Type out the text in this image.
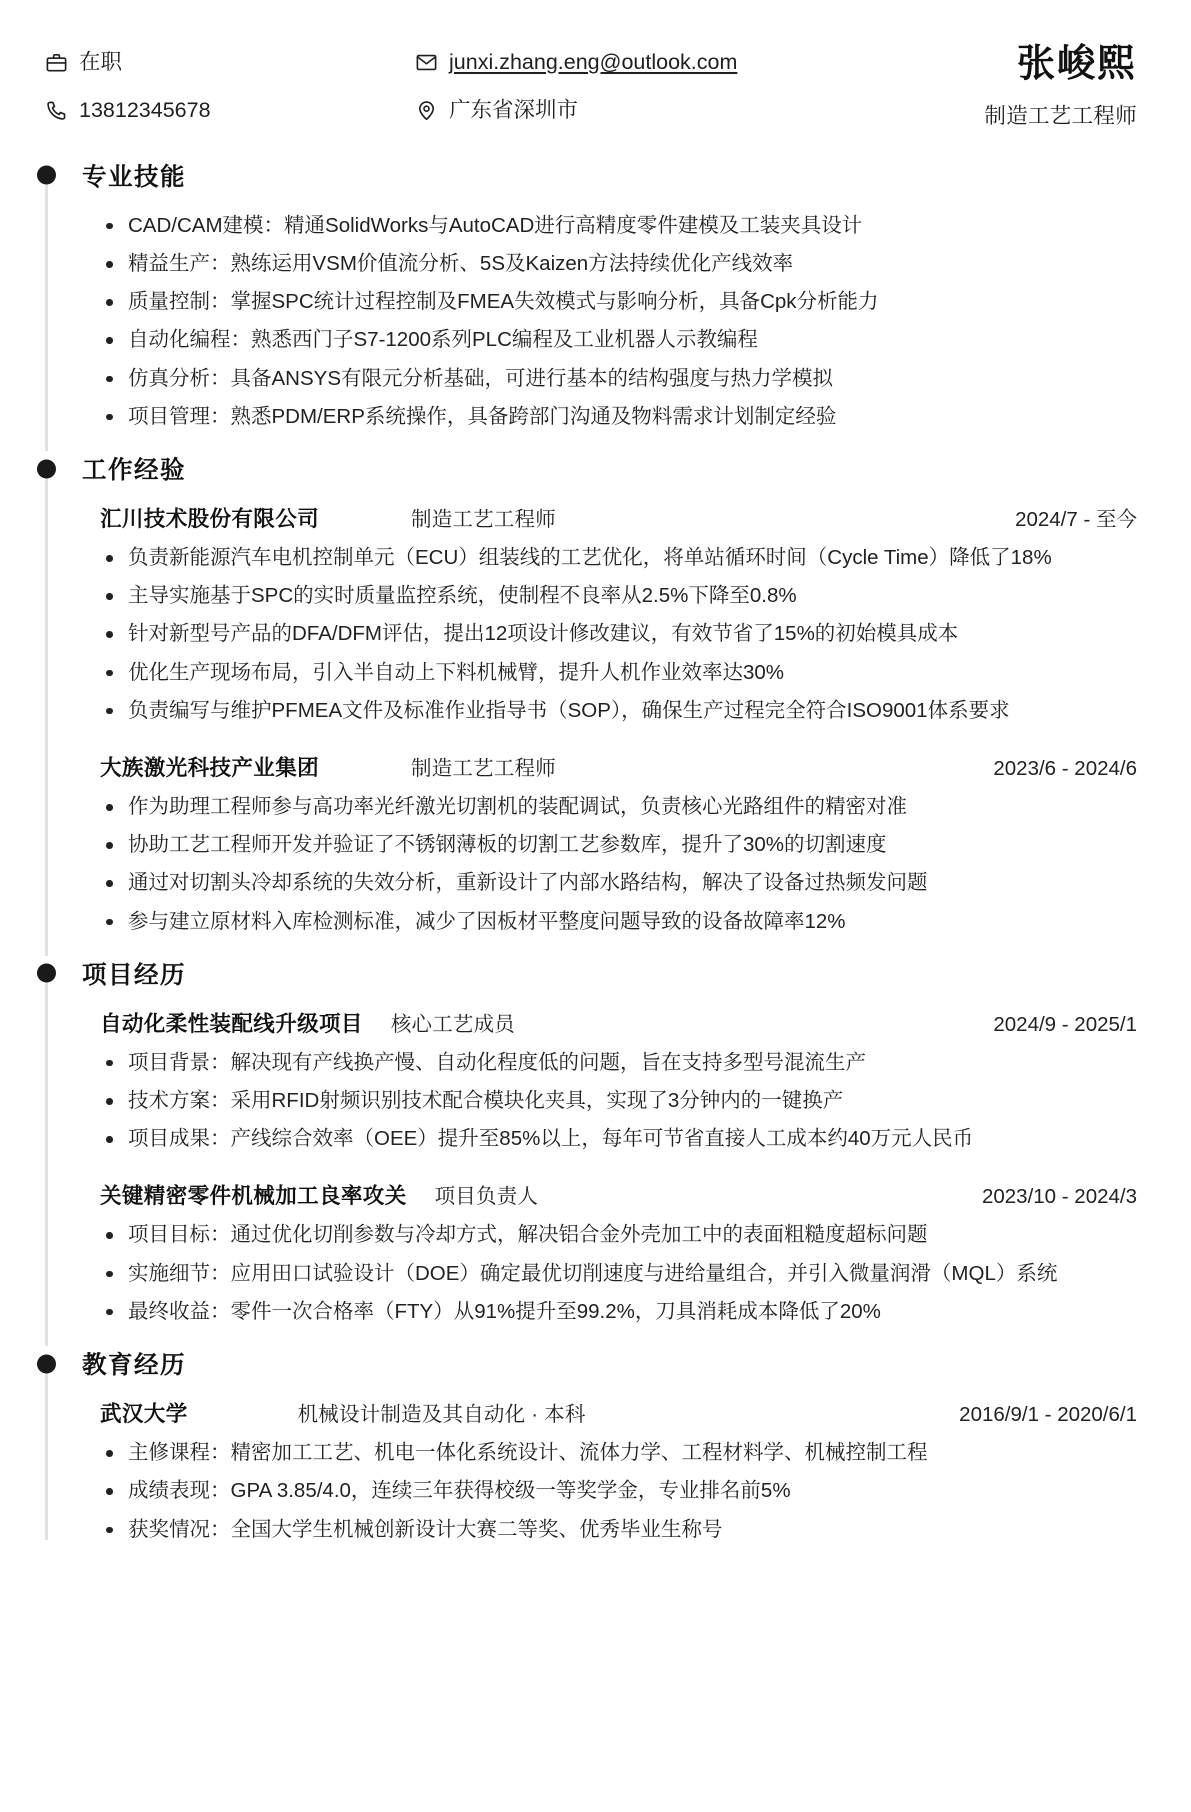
在职	junxi.zhang.eng@outlook.com
13812345678	广东省深圳市
张峻熙
制造工艺工程师
专业技能
CAD/CAM建模：精通SolidWorks与AutoCAD进行高精度零件建模及工装夹具设计
精益生产：熟练运用VSM价值流分析、5S及Kaizen方法持续优化产线效率
质量控制：掌握SPC统计过程控制及FMEA失效模式与影响分析，具备Cpk分析能力
自动化编程：熟悉西门子S7-1200系列PLC编程及工业机器人示教编程
仿真分析：具备ANSYS有限元分析基础，可进行基本的结构强度与热力学模拟
项目管理：熟悉PDM/ERP系统操作，具备跨部门沟通及物料需求计划制定经验
工作经验
汇川技术股份有限公司	制造工艺工程师	2024/7 - 至今
负责新能源汽车电机控制单元（ECU）组装线的工艺优化，将单站循环时间（Cycle Time）降低了18%
主导实施基于SPC的实时质量监控系统，使制程不良率从2.5%下降至0.8%
针对新型号产品的DFA/DFM评估，提出12项设计修改建议，有效节省了15%的初始模具成本
优化生产现场布局，引入半自动上下料机械臂，提升人机作业效率达30%
负责编写与维护PFMEA文件及标准作业指导书（SOP），确保生产过程完全符合ISO9001体系要求
大族激光科技产业集团	制造工艺工程师	2023/6 - 2024/6
作为助理工程师参与高功率光纤激光切割机的装配调试，负责核心光路组件的精密对准
协助工艺工程师开发并验证了不锈钢薄板的切割工艺参数库，提升了30%的切割速度
通过对切割头冷却系统的失效分析，重新设计了内部水路结构，解决了设备过热频发问题
参与建立原材料入库检测标准，减少了因板材平整度问题导致的设备故障率12%
项目经历
自动化柔性装配线升级项目 核心工艺成员	2024/9 - 2025/1
项目背景：解决现有产线换产慢、自动化程度低的问题，旨在支持多型号混流生产
技术方案：采用RFID射频识别技术配合模块化夹具，实现了3分钟内的一键换产
项目成果：产线综合效率（OEE）提升至85%以上，每年可节省直接人工成本约40万元人民币
关键精密零件机械加工良率攻关 项目负责人	2023/10 - 2024/3
项目目标：通过优化切削参数与冷却方式，解决铝合金外壳加工中的表面粗糙度超标问题
实施细节：应用田口试验设计（DOE）确定最优切削速度与进给量组合，并引入微量润滑（MQL）系统
最终收益：零件一次合格率（FTY）从91%提升至99.2%，刀具消耗成本降低了20%
教育经历
武汉大学	机械设计制造及其自动化 · 本科	2016/9/1 - 2020/6/1
主修课程：精密加工工艺、机电一体化系统设计、流体力学、工程材料学、机械控制工程
成绩表现：GPA 3.85/4.0，连续三年获得校级一等奖学金，专业排名前5%
获奖情况：全国大学生机械创新设计大赛二等奖、优秀毕业生称号
